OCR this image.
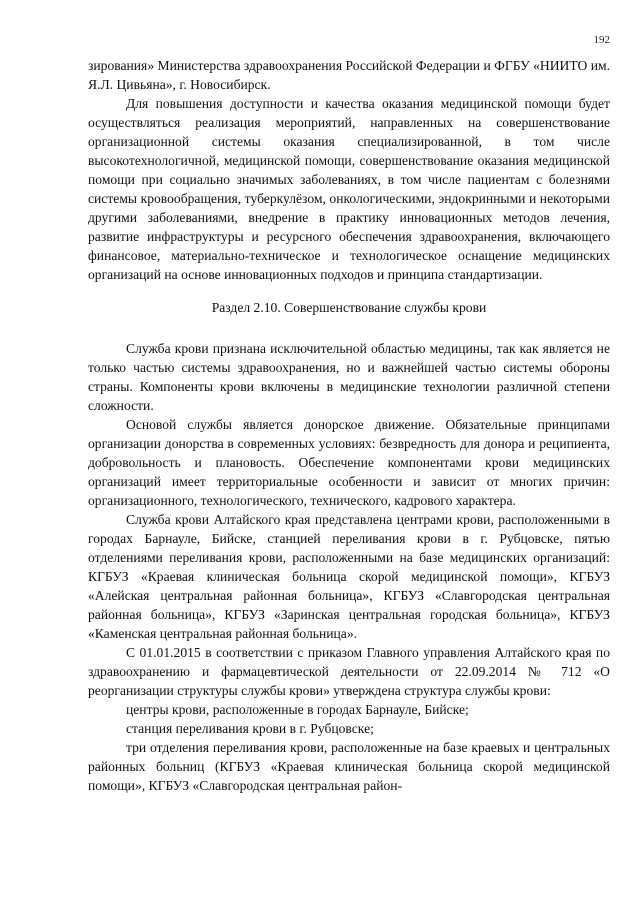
192

зирования» Министерства здравоохранения Российской Федерации и ФГБУ «НИИТО им. Я.Л. Цивьяна», г. Новосибирск.

Для повышения доступности и качества оказания медицинской помощи будет осуществляться реализация мероприятий, направленных на совершенствование организационной системы оказания специализированной, в том числе высокотехнологичной, медицинской помощи, совершенствование оказания медицинской помощи при социально значимых заболеваниях, в том числе пациентам с болезнями системы кровообращения, туберкулёзом, онкологическими, эндокринными и некоторыми другими заболеваниями, внедрение в практику инновационных методов лечения, развитие инфраструктуры и ресурсного обеспечения здравоохранения, включающего финансовое, материально-техническое и технологическое оснащение медицинских организаций на основе инновационных подходов и принципа стандартизации.

Раздел 2.10. Совершенствование службы крови

Служба крови признана исключительной областью медицины, так как является не только частью системы здравоохранения, но и важнейшей частью системы обороны страны. Компоненты крови включены в медицинские технологии различной степени сложности.

Основой службы является донорское движение. Обязательные принципами организации донорства в современных условиях: безвредность для донора и реципиента, добровольность и плановость. Обеспечение компонентами крови медицинских организаций имеет территориальные особенности и зависит от многих причин: организационного, технологического, технического, кадрового характера.

Служба крови Алтайского края представлена центрами крови, расположенными в городах Барнауле, Бийске, станцией переливания крови в г. Рубцовске, пятью отделениями переливания крови, расположенными на базе медицинских организаций: КГБУЗ «Краевая клиническая больница скорой медицинской помощи», КГБУЗ «Алейская центральная районная больница», КГБУЗ «Славгородская центральная районная больница», КГБУЗ «Заринская центральная городская больница», КГБУЗ «Каменская центральная районная больница».

С 01.01.2015 в соответствии с приказом Главного управления Алтайского края по здравоохранению и фармацевтической деятельности от 22.09.2014 № 712 «О реорганизации структуры службы крови» утверждена структура службы крови:

центры крови, расположенные в городах Барнауле, Бийске;

станция переливания крови в г. Рубцовске;

три отделения переливания крови, расположенные на базе краевых и центральных районных больниц (КГБУЗ «Краевая клиническая больница скорой медицинской помощи», КГБУЗ «Славгородская центральная район-
